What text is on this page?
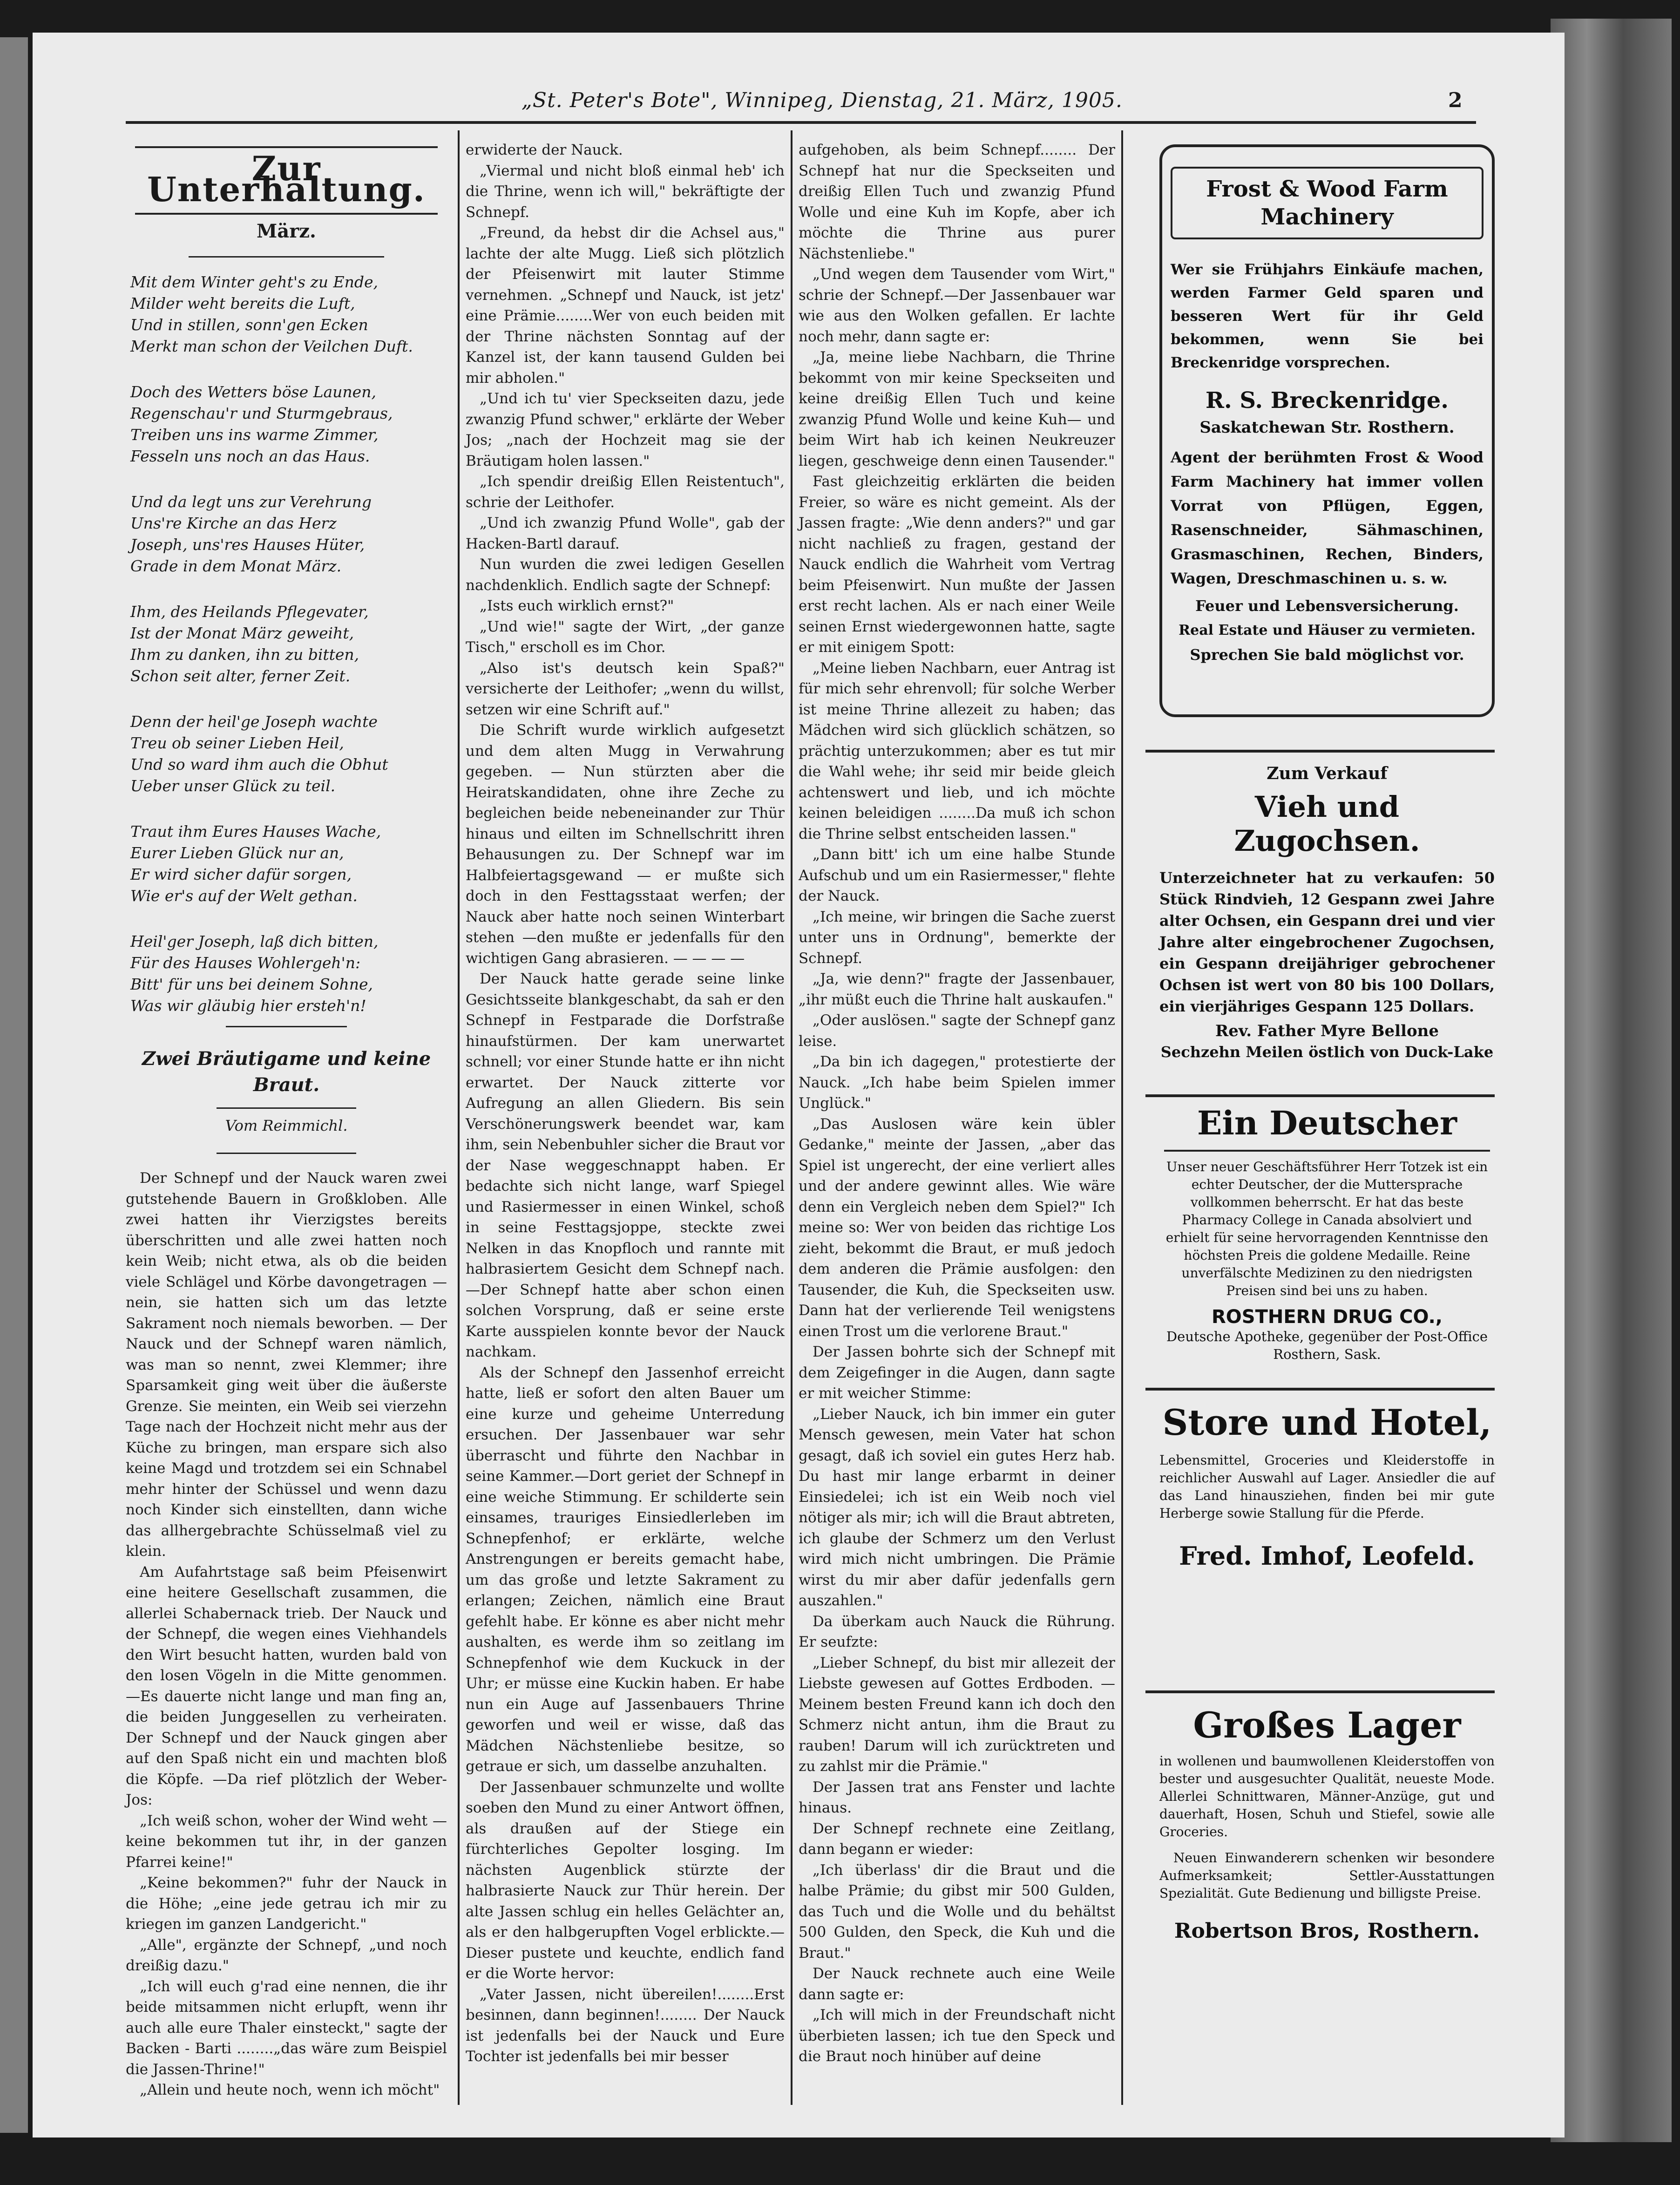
„St. Peter's Bote", Winnipeg, Dienstag, 21. März, 1905.	2
Zur Unterhaltung.
März.
Mit dem Winter geht's zu Ende,
Milder weht bereits die Luft,
Und in stillen, sonn'gen Ecken
Merkt man schon der Veilchen Duft.
Doch des Wetters böse Launen,
Regenschau'r und Sturmgebraus,
Treiben uns ins warme Zimmer,
Fesseln uns noch an das Haus.
Und da legt uns zur Verehrung
Uns're Kirche an das Herz
Joseph, uns'res Hauses Hüter,
Grade in dem Monat März.
Ihm, des Heilands Pflegevater,
Ist der Monat März geweiht,
Ihm zu danken, ihn zu bitten,
Schon seit alter, ferner Zeit.
Denn der heil'ge Joseph wachte
Treu ob seiner Lieben Heil,
Und so ward ihm auch die Obhut
Ueber unser Glück zu teil.
Traut ihm Eures Hauses Wache,
Eurer Lieben Glück nur an,
Er wird sicher dafür sorgen,
Wie er's auf der Welt gethan.
Heil'ger Joseph, laß dich bitten,
Für des Hauses Wohlergeh'n:
Bitt' für uns bei deinem Sohne,
Was wir gläubig hier ersteh'n!
Zwei Bräutigame und keine Braut.
Vom Reimmichl.

Der Schnepf und der Nauck waren zwei gutstehende Bauern in Großkloben. Alle zwei hatten ihr Vierzigstes bereits überschritten und alle zwei hatten noch kein Weib; nicht etwa, als ob die beiden viele Schlägel und Körbe davongetragen — nein, sie hatten sich um das letzte Sakrament noch niemals beworben. — Der Nauck und der Schnepf waren nämlich, was man so nennt, zwei Klemmer; ihre Sparsamkeit ging weit über die äußerste Grenze. Sie meinten, ein Weib sei vierzehn Tage nach der Hochzeit nicht mehr aus der Küche zu bringen, man erspare sich also keine Magd und trotzdem sei ein Schnabel mehr hinter der Schüssel und wenn dazu noch Kinder sich einstellten, dann wiche das allhergebrachte Schüsselmaß viel zu klein.

Am Aufahrtstage saß beim Pfeisenwirt eine heitere Gesellschaft zusammen, die allerlei Schabernack trieb. Der Nauck und der Schnepf, die wegen eines Viehhandels den Wirt besucht hatten, wurden bald von den losen Vögeln in die Mitte genommen. —Es dauerte nicht lange und man fing an, die beiden Junggesellen zu verheiraten. Der Schnepf und der Nauck gingen aber auf den Spaß nicht ein und machten bloß die Köpfe. —Da rief plötzlich der Weber-Jos:

„Ich weiß schon, woher der Wind weht —keine bekommen tut ihr, in der ganzen Pfarrei keine!"

„Keine bekommen?" fuhr der Nauck in die Höhe; „eine jede getrau ich mir zu kriegen im ganzen Landgericht."

„Alle", ergänzte der Schnepf, „und noch dreißig dazu."

„Ich will euch g'rad eine nennen, die ihr beide mitsammen nicht erlupft, wenn ihr auch alle eure Thaler einsteckt," sagte der Backen - Barti ........„das wäre zum Beispiel die Jassen-Thrine!"

„Allein und heute noch, wenn ich möcht"

erwiderte der Nauck.

„Viermal und nicht bloß einmal heb' ich die Thrine, wenn ich will," bekräftigte der Schnepf.

„Freund, da hebst dir die Achsel aus," lachte der alte Mugg. Ließ sich plötzlich der Pfeisenwirt mit lauter Stimme vernehmen. „Schnepf und Nauck, ist jetz' eine Prämie........Wer von euch beiden mit der Thrine nächsten Sonntag auf der Kanzel ist, der kann tausend Gulden bei mir abholen."

„Und ich tu' vier Speckseiten dazu, jede zwanzig Pfund schwer," erklärte der Weber Jos; „nach der Hochzeit mag sie der Bräutigam holen lassen."

„Ich spendir dreißig Ellen Reistentuch", schrie der Leithofer.

„Und ich zwanzig Pfund Wolle", gab der Hacken-Bartl darauf.

Nun wurden die zwei ledigen Gesellen nachdenklich. Endlich sagte der Schnepf:

„Ists euch wirklich ernst?"

„Und wie!" sagte der Wirt, „der ganze Tisch," erscholl es im Chor.

„Also ist's deutsch kein Spaß?" versicherte der Leithofer; „wenn du willst, setzen wir eine Schrift auf."

Die Schrift wurde wirklich aufgesetzt und dem alten Mugg in Verwahrung gegeben. — Nun stürzten aber die Heiratskandidaten, ohne ihre Zeche zu begleichen beide nebeneinander zur Thür hinaus und eilten im Schnellschritt ihren Behausungen zu. Der Schnepf war im Halbfeiertagsgewand — er mußte sich doch in den Festtagsstaat werfen; der Nauck aber hatte noch seinen Winterbart stehen —den mußte er jedenfalls für den wichtigen Gang abrasieren. — — — —

Der Nauck hatte gerade seine linke Gesichtsseite blankgeschabt, da sah er den Schnepf in Festparade die Dorfstraße hinaufstürmen. Der kam unerwartet schnell; vor einer Stunde hatte er ihn nicht erwartet. Der Nauck zitterte vor Aufregung an allen Gliedern. Bis sein Verschönerungswerk beendet war, kam ihm, sein Nebenbuhler sicher die Braut vor der Nase weggeschnappt haben. Er bedachte sich nicht lange, warf Spiegel und Rasiermesser in einen Winkel, schoß in seine Festtagsjoppe, steckte zwei Nelken in das Knopfloch und rannte mit halbrasiertem Gesicht dem Schnepf nach.—Der Schnepf hatte aber schon einen solchen Vorsprung, daß er seine erste Karte ausspielen konnte bevor der Nauck nachkam.

Als der Schnepf den Jassenhof erreicht hatte, ließ er sofort den alten Bauer um eine kurze und geheime Unterredung ersuchen. Der Jassenbauer war sehr überrascht und führte den Nachbar in seine Kammer.—Dort geriet der Schnepf in eine weiche Stimmung. Er schilderte sein einsames, trauriges Einsiedlerleben im Schnepfenhof; er erklärte, welche Anstrengungen er bereits gemacht habe, um das große und letzte Sakrament zu erlangen; Zeichen, nämlich eine Braut gefehlt habe. Er könne es aber nicht mehr aushalten, es werde ihm so zeitlang im Schnepfenhof wie dem Kuckuck in der Uhr; er müsse eine Kuckin haben. Er habe nun ein Auge auf Jassenbauers Thrine geworfen und weil er wisse, daß das Mädchen Nächstenliebe besitze, so getraue er sich, um dasselbe anzuhalten.

Der Jassenbauer schmunzelte und wollte soeben den Mund zu einer Antwort öffnen, als draußen auf der Stiege ein fürchterliches Gepolter losging. Im nächsten Augenblick stürzte der halbrasierte Nauck zur Thür herein. Der alte Jassen schlug ein helles Gelächter an, als er den halbgerupften Vogel erblickte.— Dieser pustete und keuchte, endlich fand er die Worte hervor:

„Vater Jassen, nicht übereilen!........Erst besinnen, dann beginnen!........ Der Nauck ist jedenfalls bei der Nauck und Eure Tochter ist jedenfalls bei mir besser

aufgehoben, als beim Schnepf........ Der Schnepf hat nur die Speckseiten und dreißig Ellen Tuch und zwanzig Pfund Wolle und eine Kuh im Kopfe, aber ich möchte die Thrine aus purer Nächstenliebe."

„Und wegen dem Tausender vom Wirt," schrie der Schnepf.—Der Jassenbauer war wie aus den Wolken gefallen. Er lachte noch mehr, dann sagte er:

„Ja, meine liebe Nachbarn, die Thrine bekommt von mir keine Speckseiten und keine dreißig Ellen Tuch und keine zwanzig Pfund Wolle und keine Kuh— und beim Wirt hab ich keinen Neukreuzer liegen, geschweige denn einen Tausender."

Fast gleichzeitig erklärten die beiden Freier, so wäre es nicht gemeint. Als der Jassen fragte: „Wie denn anders?" und gar nicht nachließ zu fragen, gestand der Nauck endlich die Wahrheit vom Vertrag beim Pfeisenwirt. Nun mußte der Jassen erst recht lachen. Als er nach einer Weile seinen Ernst wiedergewonnen hatte, sagte er mit einigem Spott:

„Meine lieben Nachbarn, euer Antrag ist für mich sehr ehrenvoll; für solche Werber ist meine Thrine allezeit zu haben; das Mädchen wird sich glücklich schätzen, so prächtig unterzukommen; aber es tut mir die Wahl wehe; ihr seid mir beide gleich achtenswert und lieb, und ich möchte keinen beleidigen ........Da muß ich schon die Thrine selbst entscheiden lassen."

„Dann bitt' ich um eine halbe Stunde Aufschub und um ein Rasiermesser," flehte der Nauck.

„Ich meine, wir bringen die Sache zuerst unter uns in Ordnung", bemerkte der Schnepf.

„Ja, wie denn?" fragte der Jassenbauer, „ihr müßt euch die Thrine halt auskaufen."

„Oder auslösen." sagte der Schnepf ganz leise.

„Da bin ich dagegen," protestierte der Nauck. „Ich habe beim Spielen immer Unglück."

„Das Auslosen wäre kein übler Gedanke," meinte der Jassen, „aber das Spiel ist ungerecht, der eine verliert alles und der andere gewinnt alles. Wie wäre denn ein Vergleich neben dem Spiel?" Ich meine so: Wer von beiden das richtige Los zieht, bekommt die Braut, er muß jedoch dem anderen die Prämie ausfolgen: den Tausender, die Kuh, die Speckseiten usw. Dann hat der verlierende Teil wenigstens einen Trost um die verlorene Braut."

Der Jassen bohrte sich der Schnepf mit dem Zeigefinger in die Augen, dann sagte er mit weicher Stimme:

„Lieber Nauck, ich bin immer ein guter Mensch gewesen, mein Vater hat schon gesagt, daß ich soviel ein gutes Herz hab. Du hast mir lange erbarmt in deiner Einsiedelei; ich ist ein Weib noch viel nötiger als mir; ich will die Braut abtreten, ich glaube der Schmerz um den Verlust wird mich nicht umbringen. Die Prämie wirst du mir aber dafür jedenfalls gern auszahlen."

Da überkam auch Nauck die Rührung. Er seufzte:

„Lieber Schnepf, du bist mir allezeit der Liebste gewesen auf Gottes Erdboden. — Meinem besten Freund kann ich doch den Schmerz nicht antun, ihm die Braut zu rauben! Darum will ich zurücktreten und zu zahlst mir die Prämie."

Der Jassen trat ans Fenster und lachte hinaus.

Der Schnepf rechnete eine Zeitlang, dann begann er wieder:

„Ich überlass' dir die Braut und die halbe Prämie; du gibst mir 500 Gulden, das Tuch und die Wolle und du behältst 500 Gulden, den Speck, die Kuh und die Braut."

Der Nauck rechnete auch eine Weile dann sagte er:

„Ich will mich in der Freundschaft nicht überbieten lassen; ich tue den Speck und die Braut noch hinüber auf deine

Frost & Wood Farm Machinery

Wer sie Frühjahrs Einkäufe machen, werden Farmer Geld sparen und besseren Wert für ihr Geld bekommen, wenn Sie bei Breckenridge vorsprechen.

R. S. Breckenridge.
Saskatchewan Str. Rosthern.

Agent der berühmten Frost & Wood Farm Machinery hat immer vollen Vorrat von Pflügen, Eggen, Rasenschneider, Sähmaschinen, Grasmaschinen, Rechen, Binders, Wagen, Dreschmaschinen u. s. w.

Feuer und Lebensversicherung.
Real Estate und Häuser zu vermieten.
Sprechen Sie bald möglichst vor.
Zum Verkauf
Vieh und Zugochsen.

Unterzeichneter hat zu verkaufen: 50 Stück Rindvieh, 12 Gespann zwei Jahre alter Ochsen, ein Gespann drei und vier Jahre alter eingebrochener Zugochsen, ein Gespann dreijähriger gebrochener Ochsen ist wert von 80 bis 100 Dollars, ein vierjähriges Gespann 125 Dollars.

Rev. Father Myre Bellone
Sechzehn Meilen östlich von Duck-Lake
Ein Deutscher

Unser neuer Geschäftsführer Herr Totzek ist ein echter Deutscher, der die Muttersprache vollkommen beherrscht. Er hat das beste Pharmacy College in Canada absolviert und erhielt für seine hervorragenden Kenntnisse den höchsten Preis die goldene Medaille. Reine unverfälschte Medizinen zu den niedrigsten Preisen sind bei uns zu haben.

ROSTHERN DRUG CO.,
Deutsche Apotheke, gegenüber der Post-Office Rosthern, Sask.
Store und Hotel,

Lebensmittel, Groceries und Kleiderstoffe in reichlicher Auswahl auf Lager. Ansiedler die auf das Land hinausziehen, finden bei mir gute Herberge sowie Stallung für die Pferde.

Fred. Imhof, Leofeld.
Großes Lager

in wollenen und baumwollenen Kleiderstoffen von bester und ausgesuchter Qualität, neueste Mode. Allerlei Schnittwaren, Männer-Anzüge, gut und dauerhaft, Hosen, Schuh und Stiefel, sowie alle Groceries.

Neuen Einwanderern schenken wir besondere Aufmerksamkeit; Settler-Ausstattungen Spezialität. Gute Bedienung und billigste Preise.

Robertson Bros, Rosthern.
